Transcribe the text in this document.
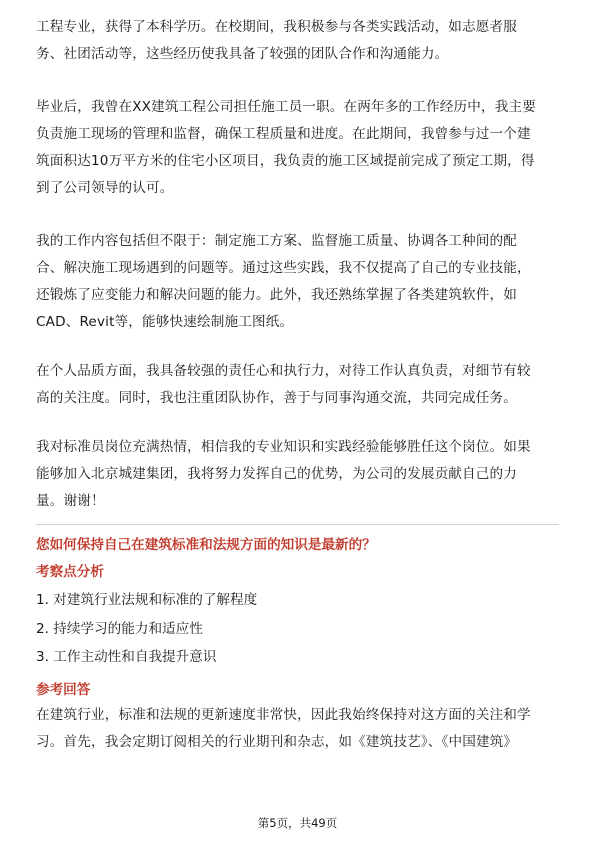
工程专业，获得了本科学历。在校期间，我积极参与各类实践活动，如志愿者服
务、社团活动等，这些经历使我具备了较强的团队合作和沟通能力。
毕业后，我曾在XX建筑工程公司担任施工员一职。在两年多的工作经历中，我主要
负责施工现场的管理和监督，确保工程质量和进度。在此期间，我曾参与过一个建
筑面积达10万平方米的住宅小区项目，我负责的施工区域提前完成了预定工期，得
到了公司领导的认可。
我的工作内容包括但不限于：制定施工方案、监督施工质量、协调各工种间的配
合、解决施工现场遇到的问题等。通过这些实践，我不仅提高了自己的专业技能，
还锻炼了应变能力和解决问题的能力。此外，我还熟练掌握了各类建筑软件，如
CAD、Revit等，能够快速绘制施工图纸。
在个人品质方面，我具备较强的责任心和执行力，对待工作认真负责，对细节有较
高的关注度。同时，我也注重团队协作，善于与同事沟通交流，共同完成任务。
我对标准员岗位充满热情，相信我的专业知识和实践经验能够胜任这个岗位。如果
能够加入北京城建集团，我将努力发挥自己的优势，为公司的发展贡献自己的力
量。谢谢！
您如何保持自己在建筑标准和法规方面的知识是最新的？
考察点分析
1. 对建筑行业法规和标准的了解程度
2. 持续学习的能力和适应性
3. 工作主动性和自我提升意识
参考回答
在建筑行业，标准和法规的更新速度非常快，因此我始终保持对这方面的关注和学
习。首先，我会定期订阅相关的行业期刊和杂志，如《建筑技艺》、《中国建筑》
第5页，共49页
